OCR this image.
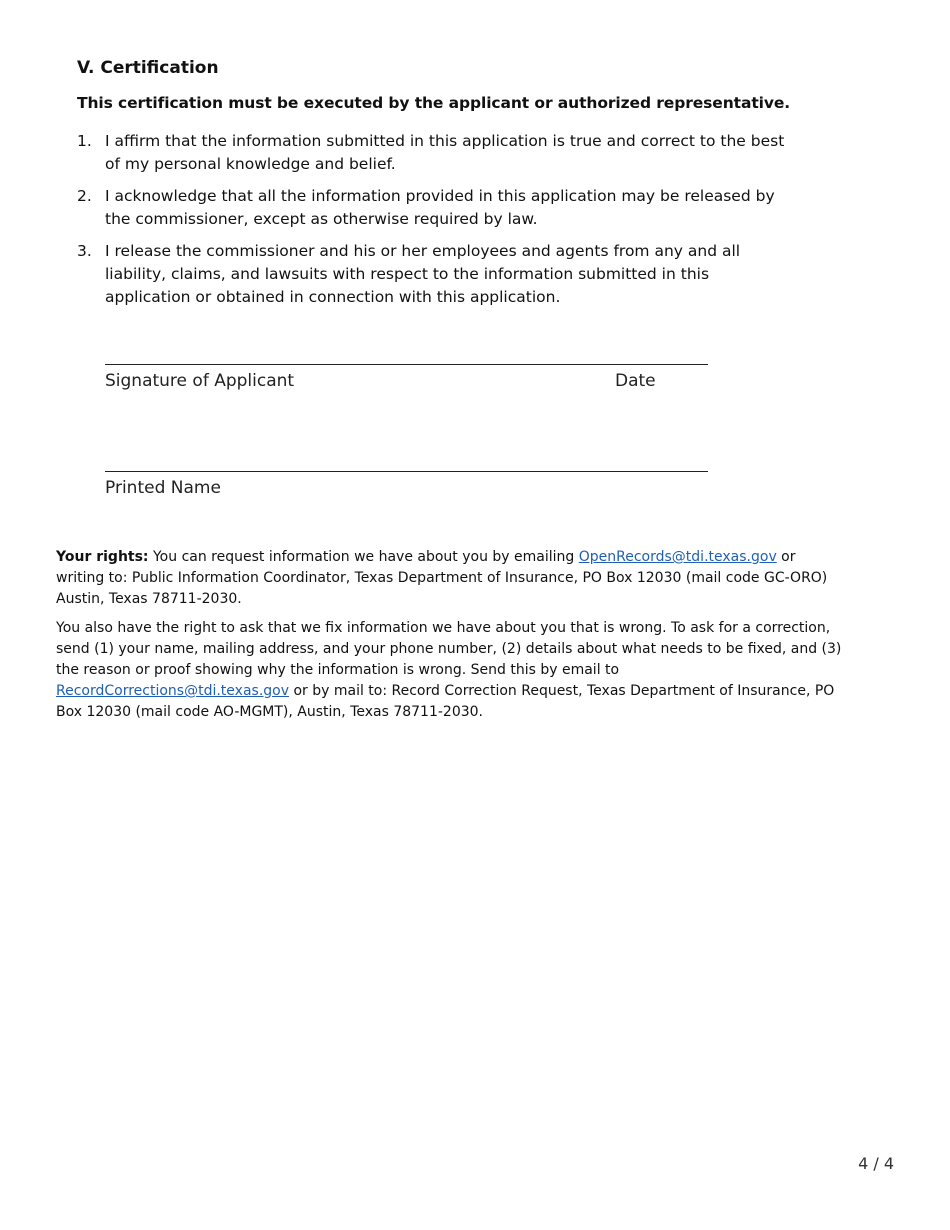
V. Certification

This certification must be executed by the applicant or authorized representative.

1. I affirm that the information submitted in this application is true and correct to the best of my personal knowledge and belief.
2. I acknowledge that all the information provided in this application may be released by the commissioner, except as otherwise required by law.
3. I release the commissioner and his or her employees and agents from any and all liability, claims, and lawsuits with respect to the information submitted in this application or obtained in connection with this application.
Signature of Applicant	Date
Printed Name

Your rights: You can request information we have about you by emailing OpenRecords@tdi.texas.gov or writing to: Public Information Coordinator, Texas Department of Insurance, PO Box 12030 (mail code GC-ORO) Austin, Texas 78711-2030.

You also have the right to ask that we fix information we have about you that is wrong. To ask for a correction, send (1) your name, mailing address, and your phone number, (2) details about what needs to be fixed, and (3) the reason or proof showing why the information is wrong. Send this by email to RecordCorrections@tdi.texas.gov or by mail to: Record Correction Request, Texas Department of Insurance, PO Box 12030 (mail code AO-MGMT), Austin, Texas 78711-2030.

4 / 4
